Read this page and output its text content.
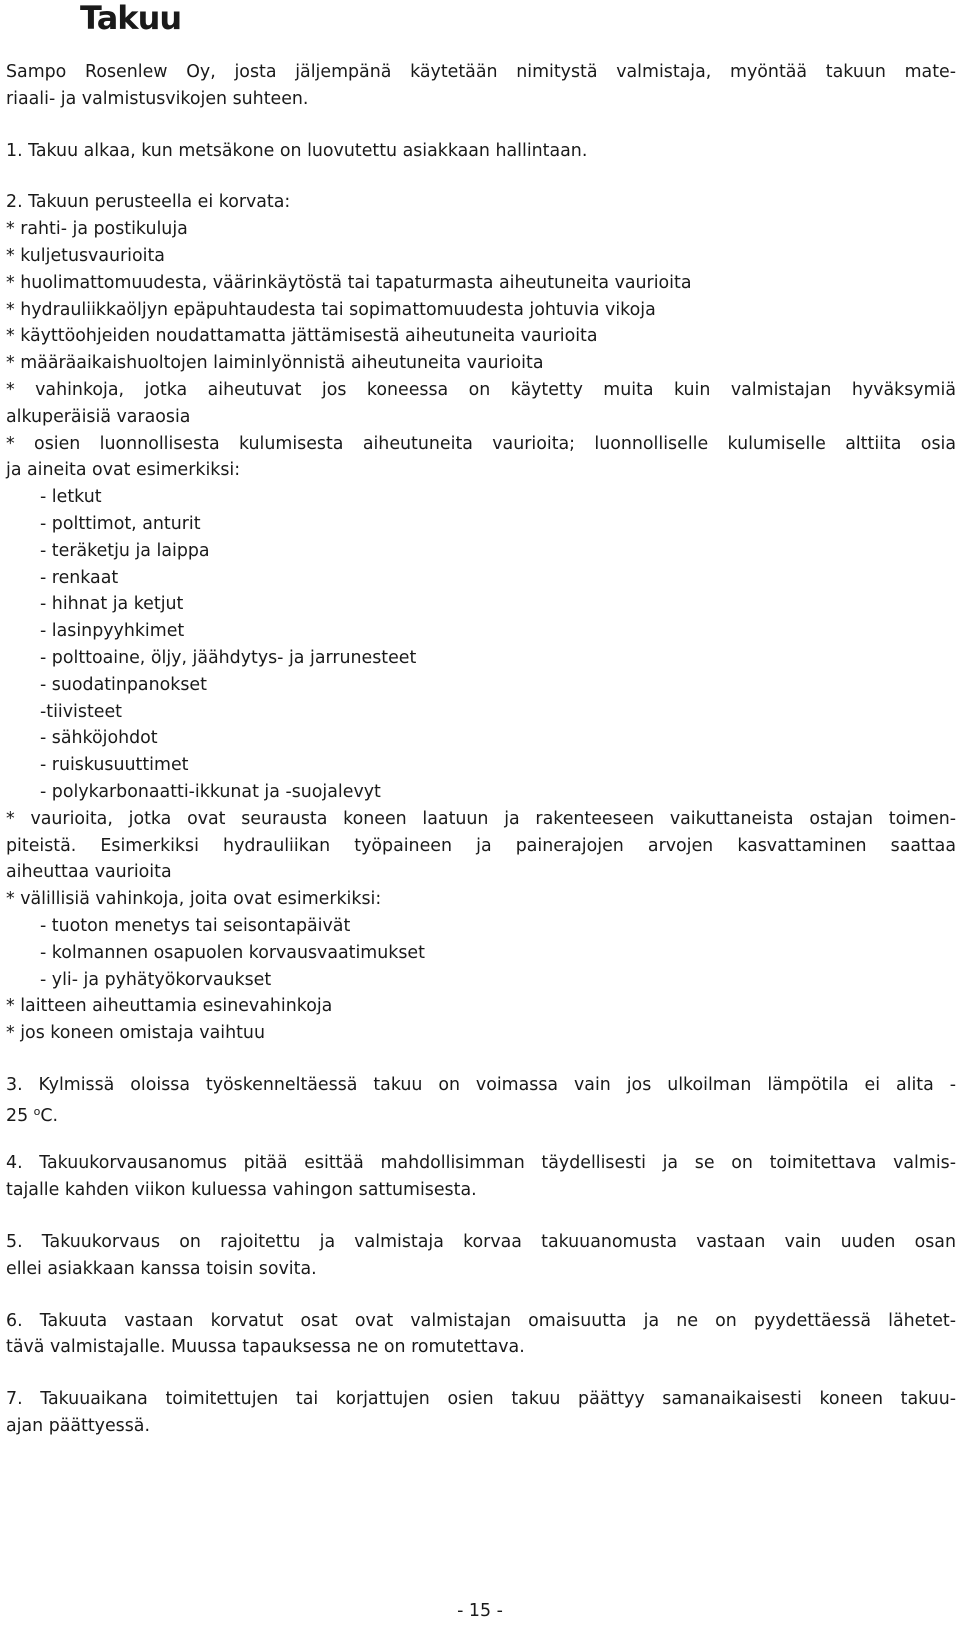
Takuu
Sampo Rosenlew Oy, josta jäljempänä käytetään nimitystä valmistaja, myöntää takuun mate-
riaali- ja valmistusvikojen suhteen.
1. Takuu alkaa, kun metsäkone on luovutettu asiakkaan hallintaan.
2. Takuun perusteella ei korvata:
* rahti- ja postikuluja
* kuljetusvaurioita
* huolimattomuudesta, väärinkäytöstä tai tapaturmasta aiheutuneita vaurioita
* hydrauliikkaöljyn epäpuhtaudesta tai sopimattomuudesta johtuvia vikoja
* käyttöohjeiden noudattamatta jättämisestä aiheutuneita vaurioita
* määräaikaishuoltojen laiminlyönnistä aiheutuneita vaurioita
* vahinkoja, jotka aiheutuvat jos koneessa on käytetty muita kuin valmistajan hyväksymiä
alkuperäisiä varaosia
* osien luonnollisesta kulumisesta aiheutuneita vaurioita; luonnolliselle kulumiselle alttiita osia
ja aineita ovat esimerkiksi:
- letkut
- polttimot, anturit
- teräketju ja laippa
- renkaat
- hihnat ja ketjut
- lasinpyyhkimet
- polttoaine, öljy, jäähdytys- ja jarrunesteet
- suodatinpanokset
-tiivisteet
- sähköjohdot
- ruiskusuuttimet
- polykarbonaatti-ikkunat ja -suojalevyt
* vaurioita, jotka ovat seurausta koneen laatuun ja rakenteeseen vaikuttaneista ostajan toimen-
piteistä. Esimerkiksi hydrauliikan työpaineen ja painerajojen arvojen kasvattaminen saattaa
aiheuttaa vaurioita
* välillisiä vahinkoja, joita ovat esimerkiksi:
- tuoton menetys tai seisontapäivät
- kolmannen osapuolen korvausvaatimukset
- yli- ja pyhätyökorvaukset
* laitteen aiheuttamia esinevahinkoja
* jos koneen omistaja vaihtuu
3. Kylmissä oloissa työskenneltäessä takuu on voimassa vain jos ulkoilman lämpötila ei alita -
25 $^o$C.
4. Takuukorvausanomus pitää esittää mahdollisimman täydellisesti ja se on toimitettava valmis-
tajalle kahden viikon kuluessa vahingon sattumisesta.
5. Takuukorvaus on rajoitettu ja valmistaja korvaa takuuanomusta vastaan vain uuden osan
ellei asiakkaan kanssa toisin sovita.
6. Takuuta vastaan korvatut osat ovat valmistajan omaisuutta ja ne on pyydettäessä lähetet-
tävä valmistajalle. Muussa tapauksessa ne on romutettava.
7. Takuuaikana toimitettujen tai korjattujen osien takuu päättyy samanaikaisesti koneen takuu-
ajan päättyessä.
- 15 -
